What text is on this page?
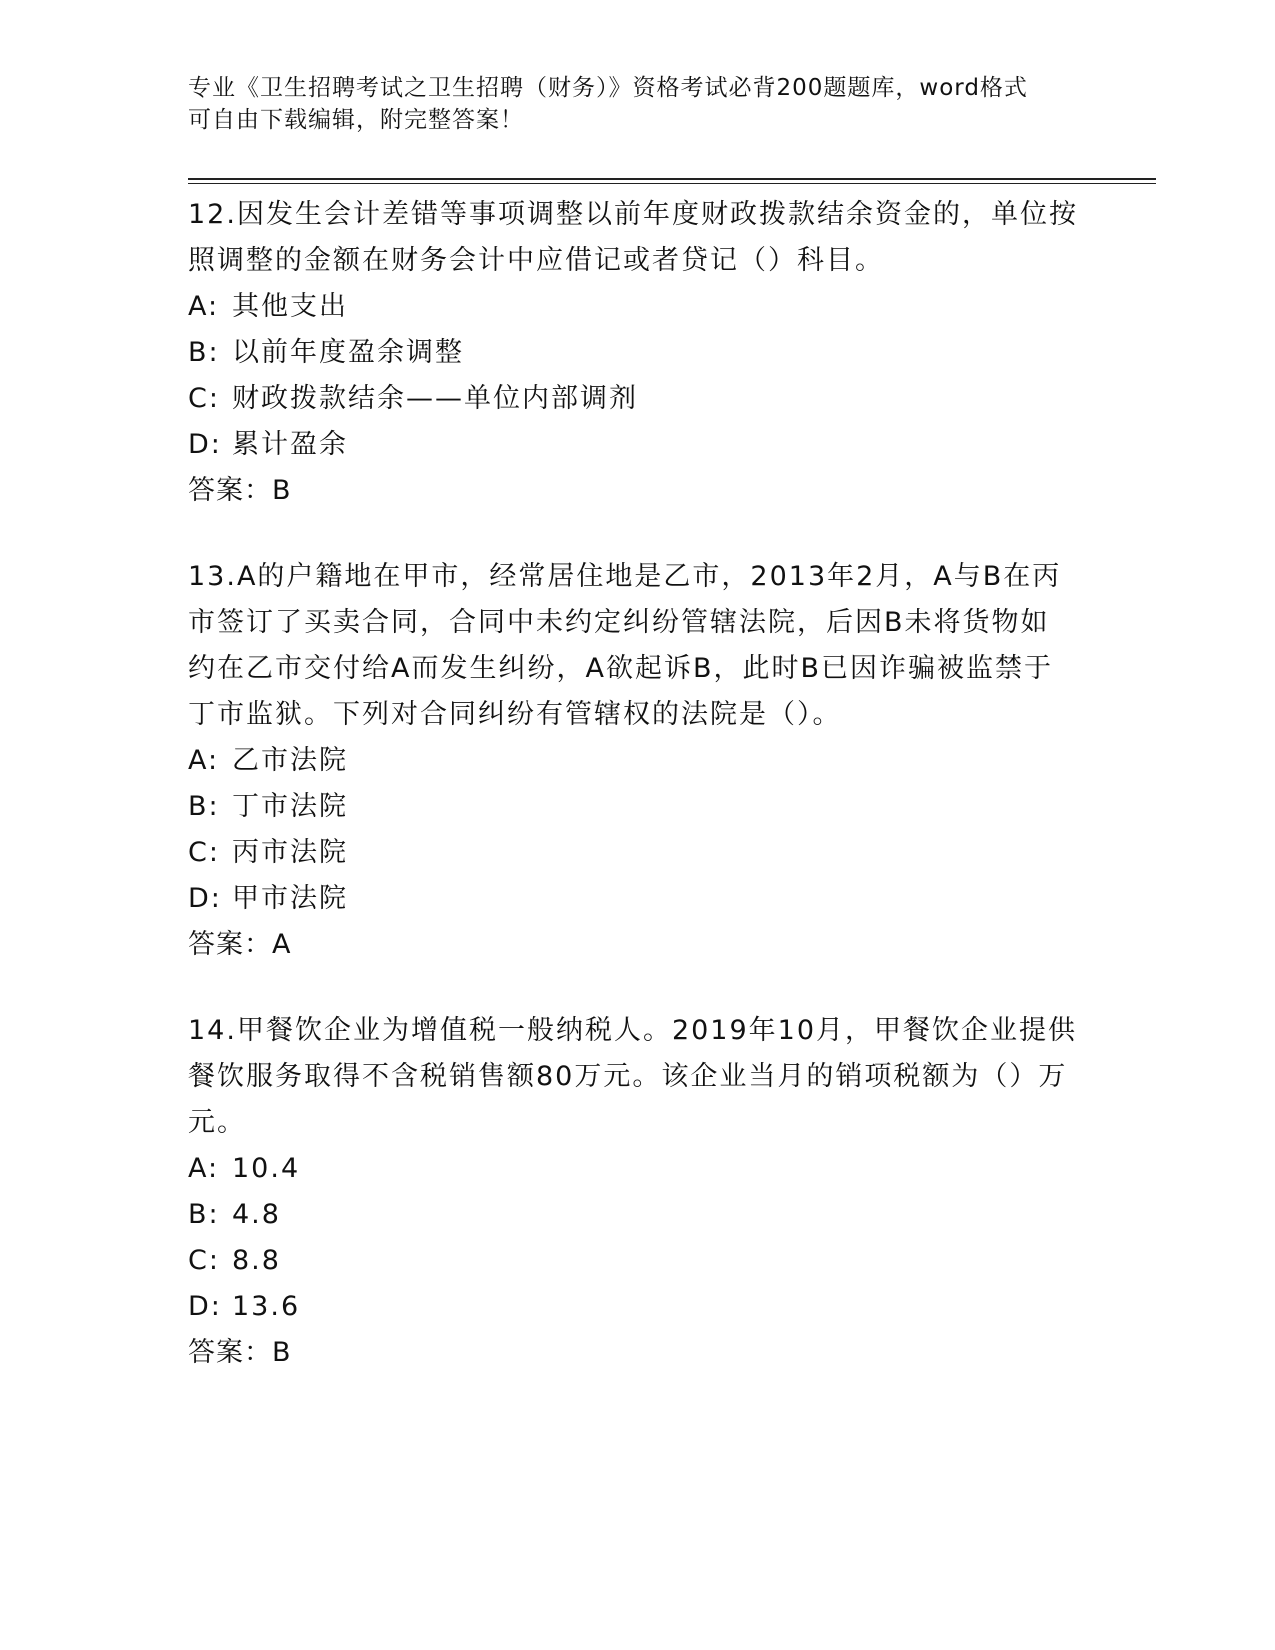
专业《卫生招聘考试之卫生招聘（财务）》资格考试必背200题题库，word格式
可自由下载编辑，附完整答案！

12.因发生会计差错等事项调整以前年度财政拨款结余资金的，单位按
照调整的金额在财务会计中应借记或者贷记（）科目。

A: 其他支出

B: 以前年度盈余调整

C: 财政拨款结余——单位内部调剂

D: 累计盈余

答案：B

13.A的户籍地在甲市，经常居住地是乙市，2013年2月，A与B在丙
市签订了买卖合同，合同中未约定纠纷管辖法院，后因B未将货物如
约在乙市交付给A而发生纠纷，A欲起诉B，此时B已因诈骗被监禁于
丁市监狱。下列对合同纠纷有管辖权的法院是（）。

A: 乙市法院

B: 丁市法院

C: 丙市法院

D: 甲市法院

答案：A

14.甲餐饮企业为增值税一般纳税人。2019年10月，甲餐饮企业提供
餐饮服务取得不含税销售额80万元。该企业当月的销项税额为（）万
元。

A: 10.4

B: 4.8

C: 8.8

D: 13.6

答案：B
